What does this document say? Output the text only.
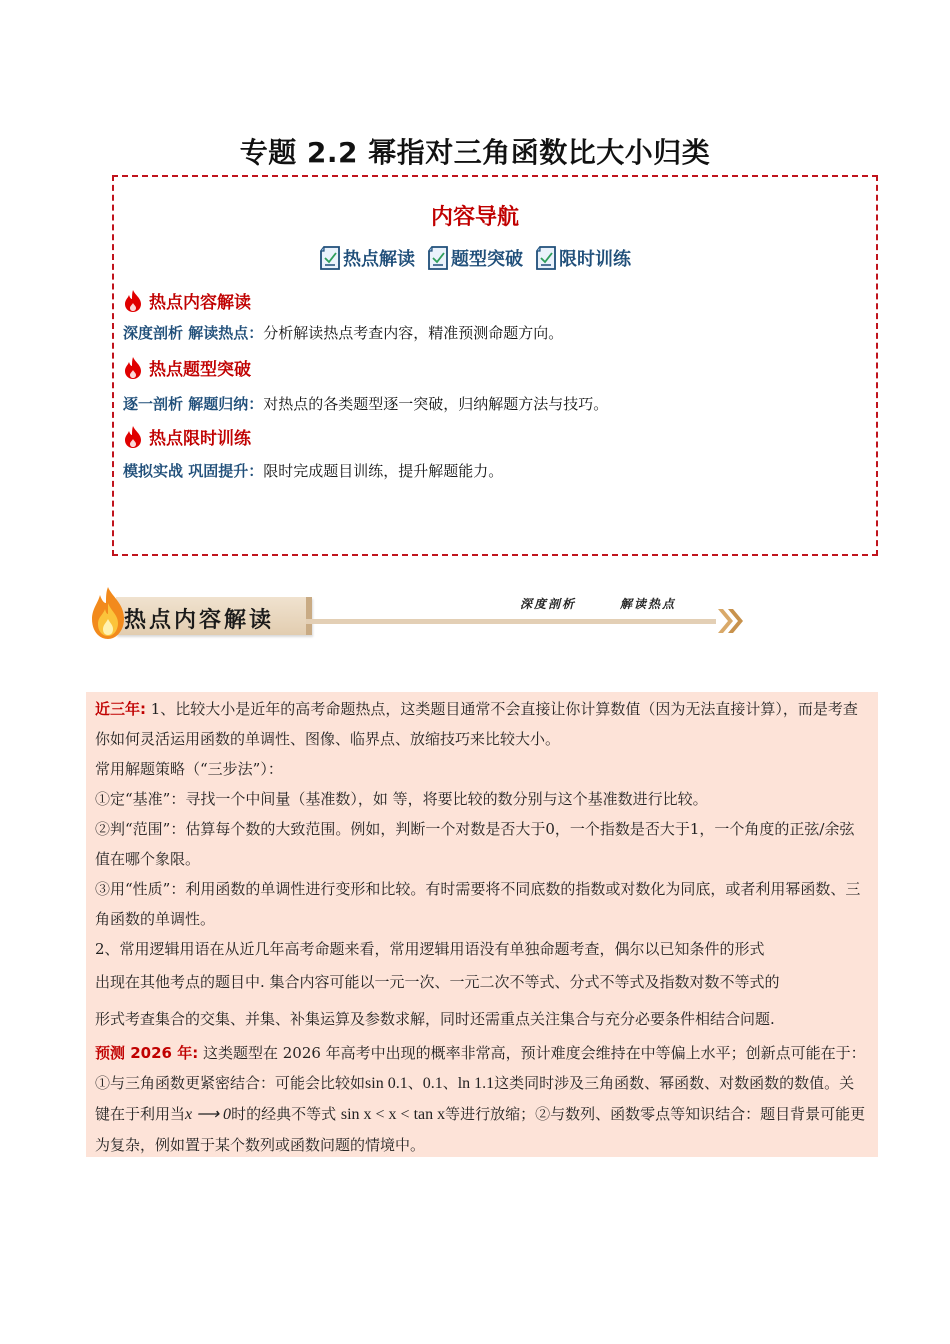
专题 2.2 幂指对三角函数比大小归类
内容导航
热点解读 题型突破 限时训练
热点内容解读
深度剖析 解读热点：分析解读热点考查内容，精准预测命题方向。
热点题型突破
逐一剖析 解题归纳：对热点的各类题型逐一突破，归纳解题方法与技巧。
热点限时训练
模拟实战 巩固提升：限时完成题目训练，提升解题能力。
热点内容解读
深度剖析	解读热点

近三年: 1、比较大小是近年的高考命题热点，这类题目通常不会直接让你计算数值（因为无法直接计算），而是考查你如何灵活运用函数的单调性、图像、临界点、放缩技巧来比较大小。

常用解题策略（“三步法”）：

①定“基准”：寻找一个中间量（基准数），如 等，将要比较的数分别与这个基准数进行比较。

②判“范围”：估算每个数的大致范围。例如，判断一个对数是否大于0，一个指数是否大于1，一个角度的正弦/余弦值在哪个象限。

③用“性质”：利用函数的单调性进行变形和比较。有时需要将不同底数的指数或对数化为同底，或者利用幂函数、三角函数的单调性。

2、常用逻辑用语在从近几年高考命题来看，常用逻辑用语没有单独命题考查，偶尔以已知条件的形式

出现在其他考点的题目中. 集合内容可能以一元一次、一元二次不等式、分式不等式及指数对数不等式的

形式考查集合的交集、并集、补集运算及参数求解，同时还需重点关注集合与充分必要条件相结合问题.

预测 2026 年: 这类题型在 2026 年高考中出现的概率非常高，预计难度会维持在中等偏上水平；创新点可能在于：①与三角函数更紧密结合：可能会比较如sin 0.1、0.1、ln 1.1这类同时涉及三角函数、幂函数、对数函数的数值。关键在于利用当x ⟶ 0时的经典不等式 sin x < x < tan x等进行放缩；②与数列、函数零点等知识结合：题目背景可能更为复杂，例如置于某个数列或函数问题的情境中。
